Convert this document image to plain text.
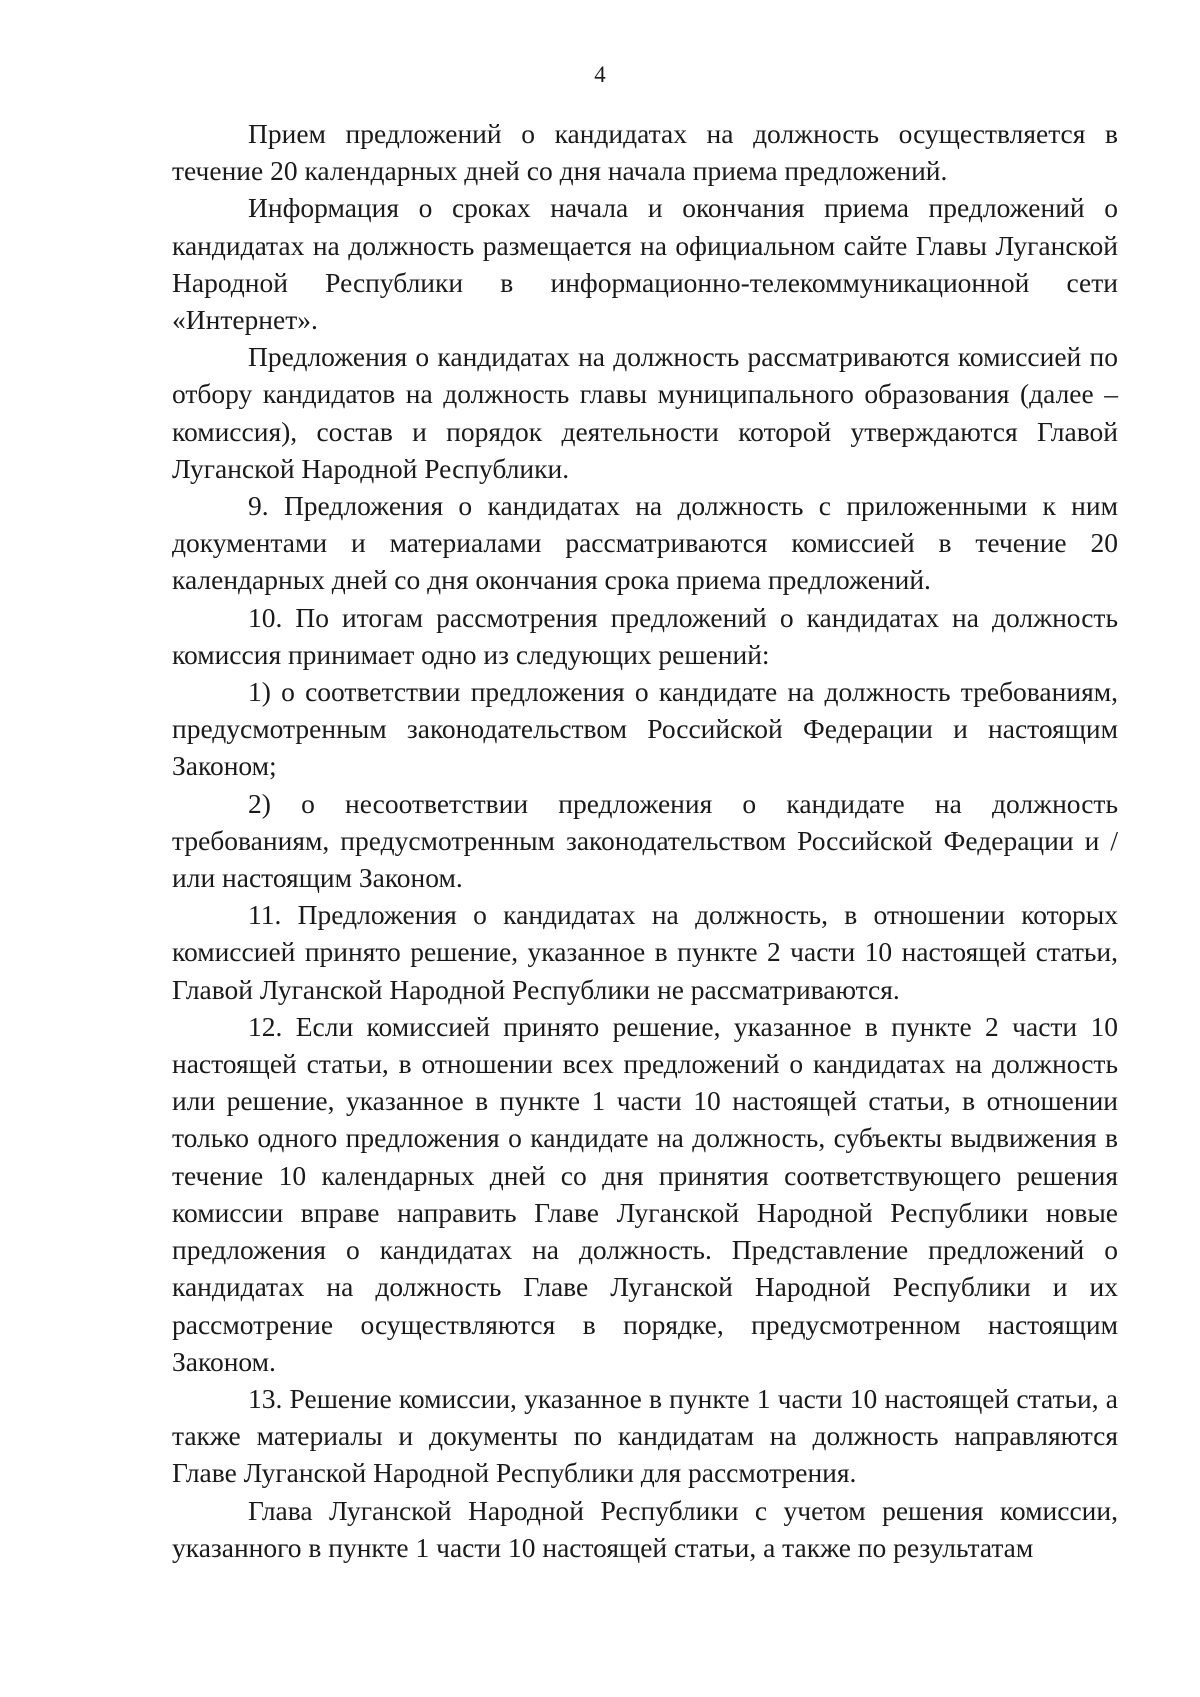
4

Прием предложений о кандидатах на должность осуществляется в течение 20 календарных дней со дня начала приема предложений.

Информация о сроках начала и окончания приема предложений о кандидатах на должность размещается на официальном сайте Главы Луганской Народной Республики в информационно-телекоммуникационной сети «Интернет».

Предложения о кандидатах на должность рассматриваются комиссией по отбору кандидатов на должность главы муниципального образования (далее – комиссия), состав и порядок деятельности которой утверждаются Главой Луганской Народной Республики.

9. Предложения о кандидатах на должность с приложенными к ним документами и материалами рассматриваются комиссией в течение 20 календарных дней со дня окончания срока приема предложений.

10. По итогам рассмотрения предложений о кандидатах на должность комиссия принимает одно из следующих решений:

1) о соответствии предложения о кандидате на должность требованиям, предусмотренным законодательством Российской Федерации и настоящим Законом;

2) о несоответствии предложения о кандидате на должность требованиям, предусмотренным законодательством Российской Федерации и / или настоящим Законом.

11. Предложения о кандидатах на должность, в отношении которых комиссией принято решение, указанное в пункте 2 части 10 настоящей статьи, Главой Луганской Народной Республики не рассматриваются.

12. Если комиссией принято решение, указанное в пункте 2 части 10 настоящей статьи, в отношении всех предложений о кандидатах на должность или решение, указанное в пункте 1 части 10 настоящей статьи, в отношении только одного предложения о кандидате на должность, субъекты выдвижения в течение 10 календарных дней со дня принятия соответствующего решения комиссии вправе направить Главе Луганской Народной Республики новые предложения о кандидатах на должность. Представление предложений о кандидатах на должность Главе Луганской Народной Республики и их рассмотрение осуществляются в порядке, предусмотренном настоящим Законом.

13. Решение комиссии, указанное в пункте 1 части 10 настоящей статьи, а также материалы и документы по кандидатам на должность направляются Главе Луганской Народной Республики для рассмотрения.

Глава Луганской Народной Республики с учетом решения комиссии, указанного в пункте 1 части 10 настоящей статьи, а также по результатам
